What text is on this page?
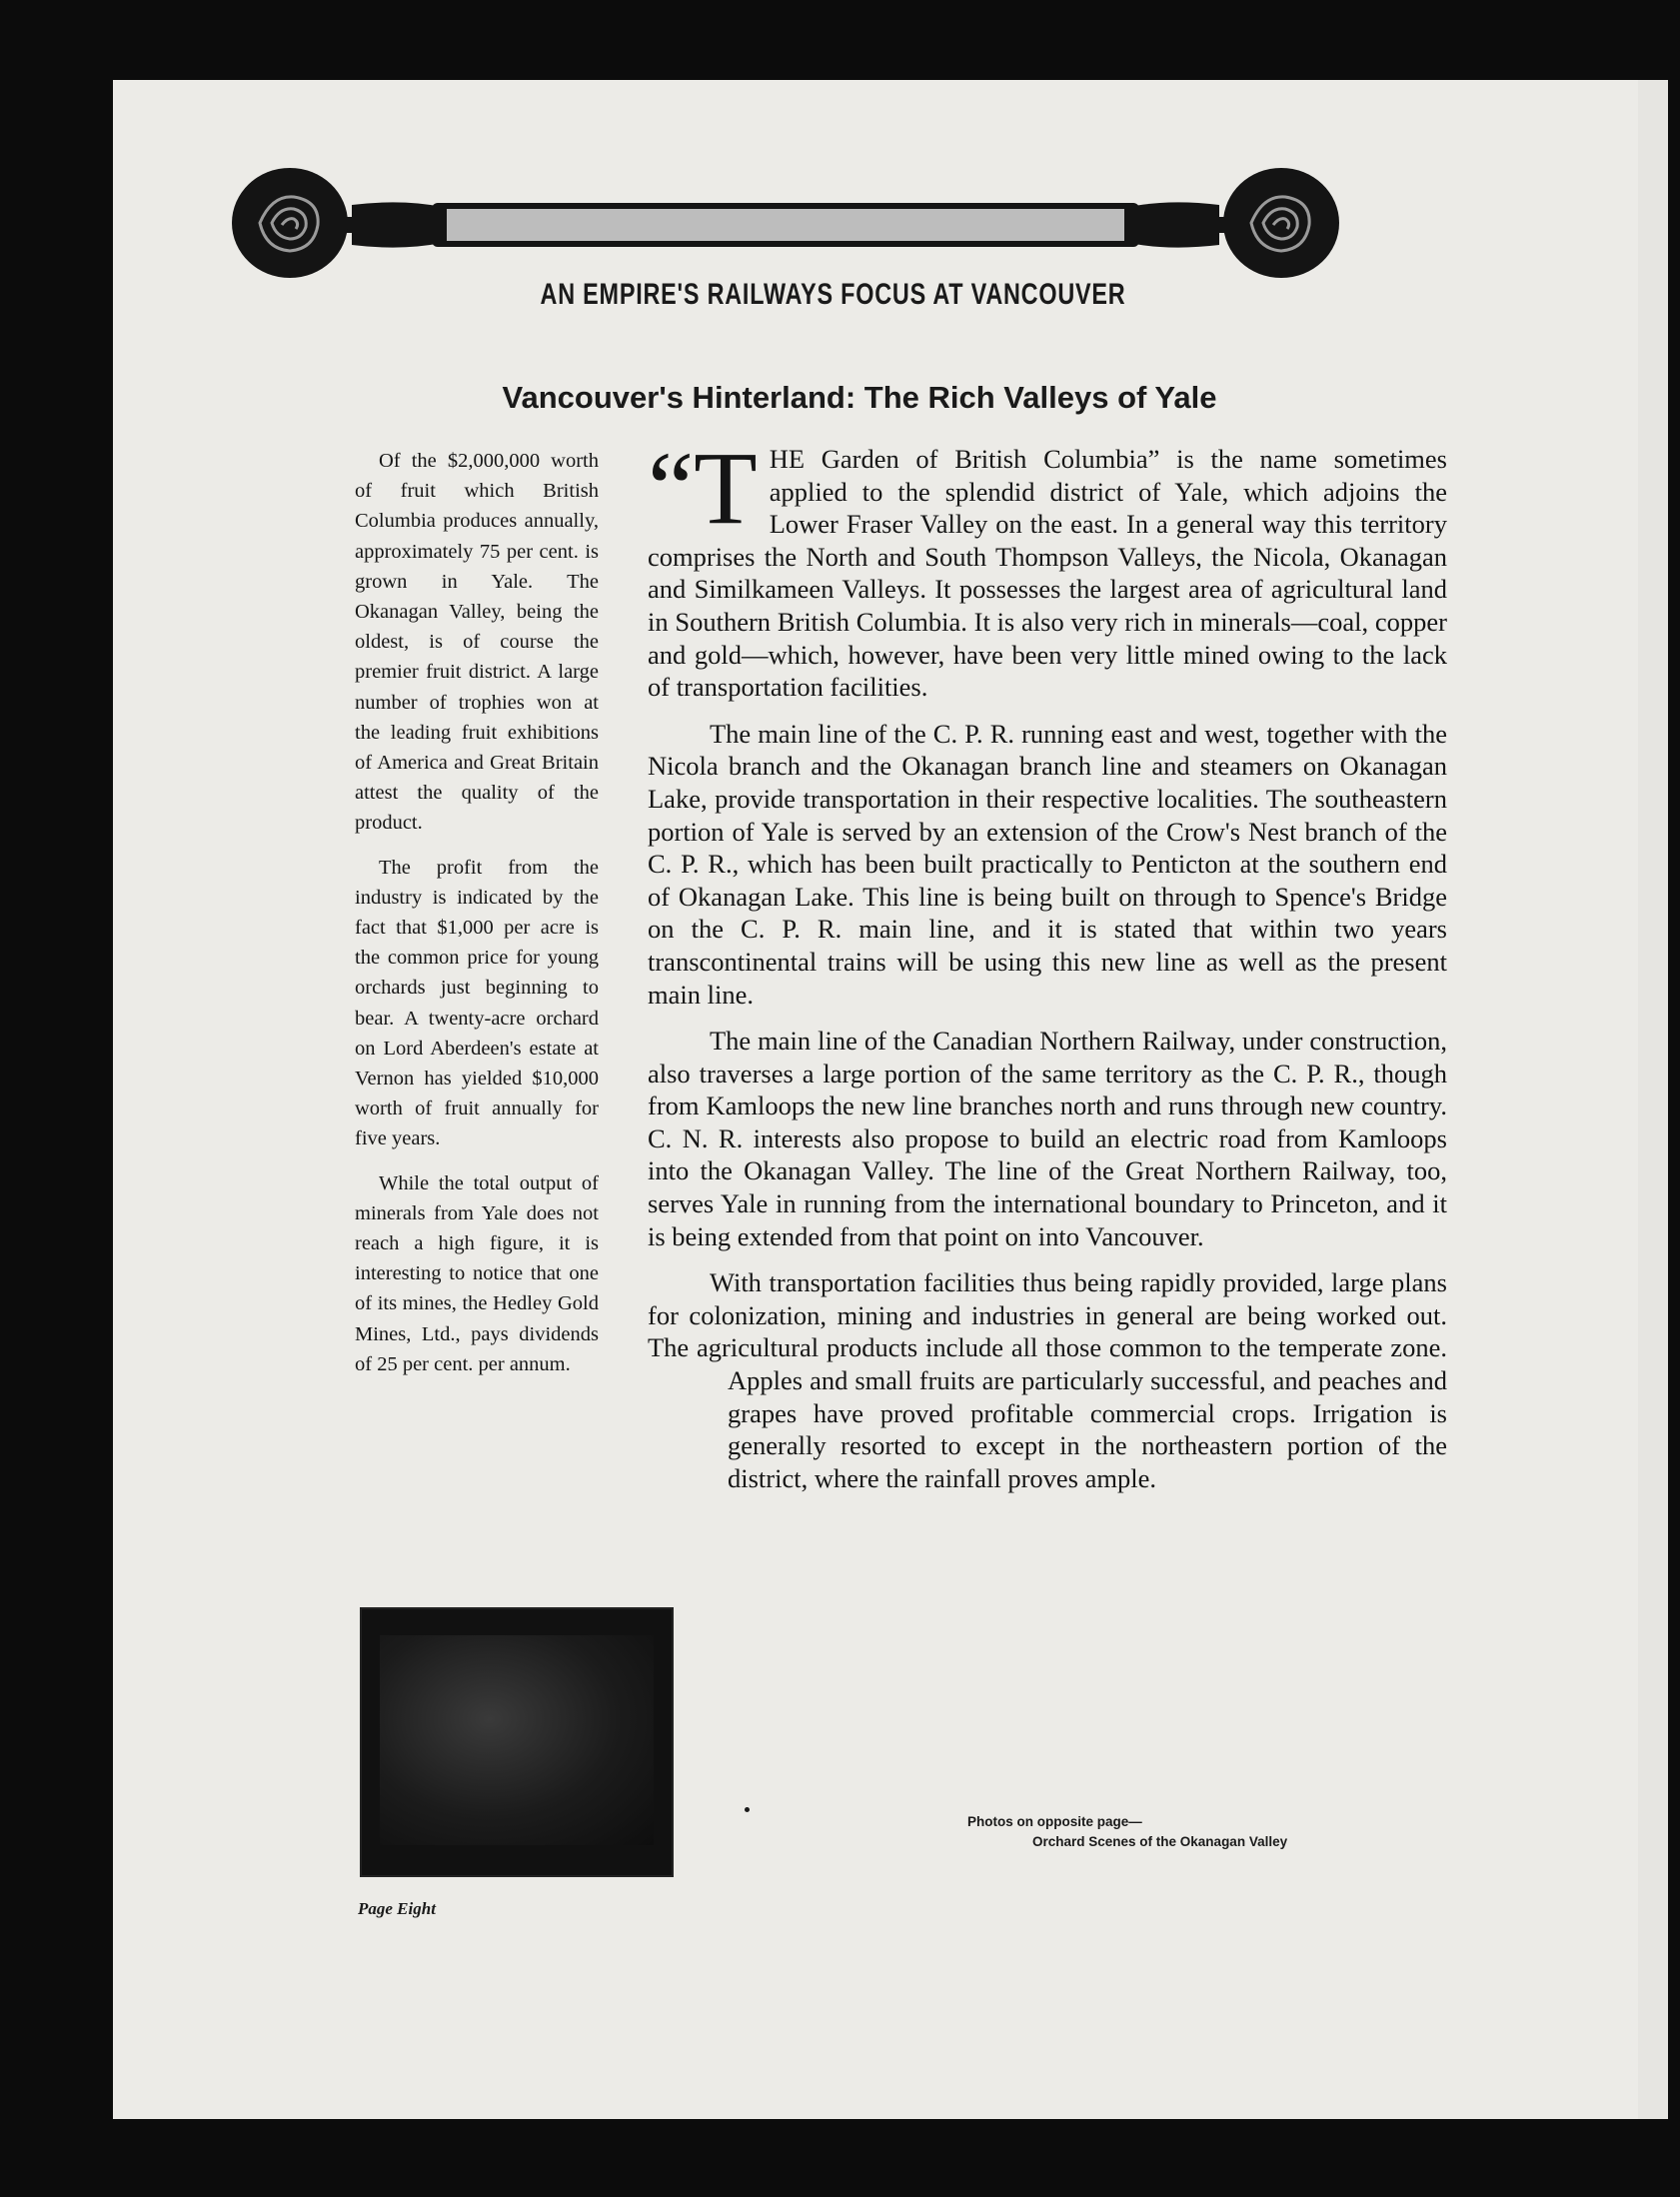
AN EMPIRE'S RAILWAYS FOCUS AT VANCOUVER
Vancouver's Hinterland: The Rich Valleys of Yale

Of the $2,000,000 worth of fruit which British Columbia produces annually, approximately 75 per cent. is grown in Yale. The Okanagan Valley, being the oldest, is of course the premier fruit district. A large number of trophies won at the leading fruit exhibitions of America and Great Britain attest the quality of the product.

The profit from the industry is indicated by the fact that $1,000 per acre is the common price for young orchards just beginning to bear. A twenty-acre orchard on Lord Aberdeen's estate at Vernon has yielded $10,000 worth of fruit annually for five years.

While the total output of minerals from Yale does not reach a high figure, it is interesting to notice that one of its mines, the Hedley Gold Mines, Ltd., pays dividends of 25 per cent. per annum.

“T HE Garden of British Columbia” is the name sometimes applied to the splendid district of Yale, which adjoins the Lower Fraser Valley on the east. In a general way this territory comprises the North and South Thompson Valleys, the Nicola, Okanagan and Similkameen Valleys. It possesses the largest area of agricultural land in Southern British Columbia. It is also very rich in minerals—coal, copper and gold—which, however, have been very little mined owing to the lack of transportation facilities.

The main line of the C. P. R. running east and west, together with the Nicola branch and the Okanagan branch line and steamers on Okanagan Lake, provide transportation in their respective localities. The southeastern portion of Yale is served by an extension of the Crow's Nest branch of the C. P. R., which has been built practically to Penticton at the southern end of Okanagan Lake. This line is being built on through to Spence's Bridge on the C. P. R. main line, and it is stated that within two years transcontinental trains will be using this new line as well as the present main line.

The main line of the Canadian Northern Railway, under construction, also traverses a large portion of the same territory as the C. P. R., though from Kamloops the new line branches north and runs through new country. C. N. R. interests also propose to build an electric road from Kamloops into the Okanagan Valley. The line of the Great Northern Railway, too, serves Yale in running from the international boundary to Princeton, and it is being extended from that point on into Vancouver.

With transportation facilities thus being rapidly provided, large plans for colonization, mining and industries in general are being worked out. The agricultural products include all those common to the temperate zone.
Apples and small fruits are particularly successful, and peaches and grapes have proved profitable commercial crops. Irrigation is generally resorted to except in the northeastern portion of the district, where the rainfall proves ample.

Photos on opposite page—
Orchard Scenes of the Okanagan Valley
Page Eight
